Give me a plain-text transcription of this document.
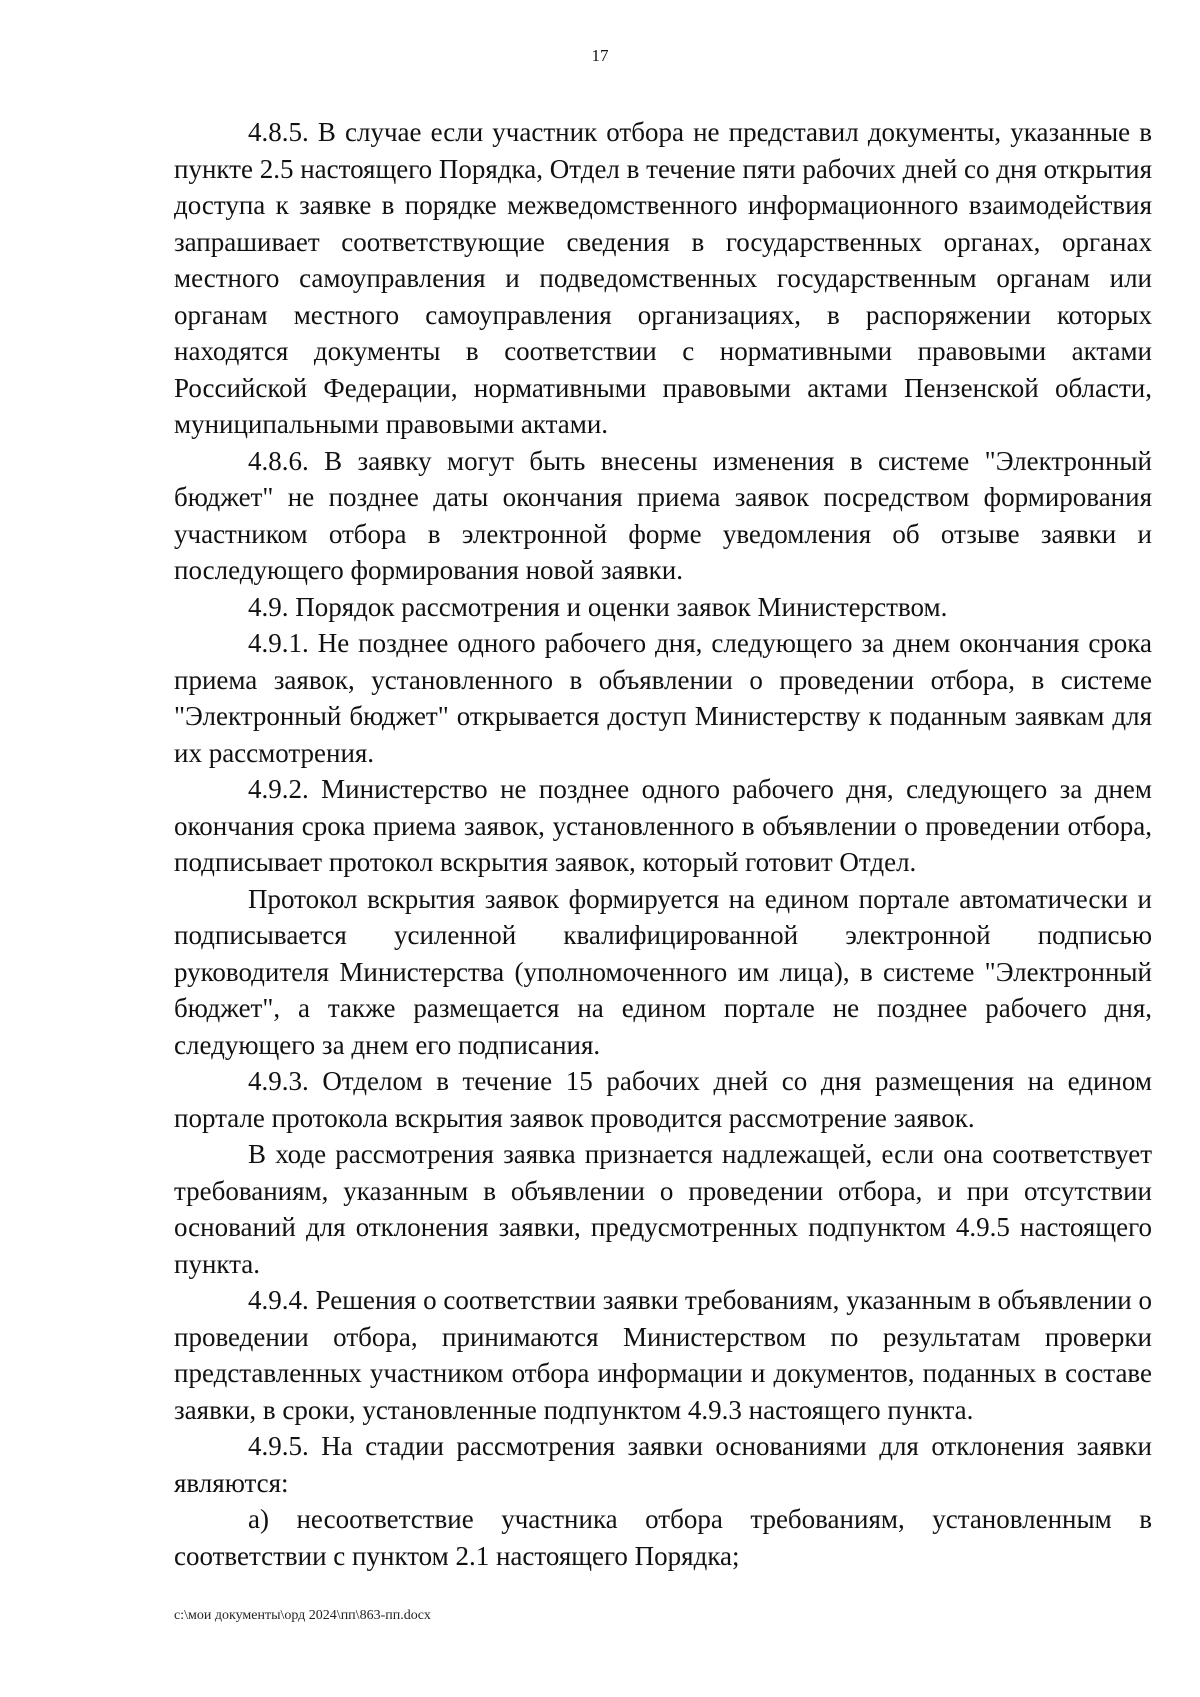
17

4.8.5. В случае если участник отбора не представил документы, указанные в пункте 2.5 настоящего Порядка, Отдел в течение пяти рабочих дней со дня открытия доступа к заявке в порядке межведомственного информационного взаимодействия запрашивает соответствующие сведения в государственных органах, органах местного самоуправления и подведомственных государственным органам или органам местного самоуправления организациях, в распоряжении которых находятся документы в соответствии с нормативными правовыми актами Российской Федерации, нормативными правовыми актами Пензенской области, муниципальными правовыми актами.

4.8.6. В заявку могут быть внесены изменения в системе "Электронный бюджет" не позднее даты окончания приема заявок посредством формирования участником отбора в электронной форме уведомления об отзыве заявки и последующего формирования новой заявки.

4.9. Порядок рассмотрения и оценки заявок Министерством.

4.9.1. Не позднее одного рабочего дня, следующего за днем окончания срока приема заявок, установленного в объявлении о проведении отбора, в системе "Электронный бюджет" открывается доступ Министерству к поданным заявкам для их рассмотрения.

4.9.2. Министерство не позднее одного рабочего дня, следующего за днем окончания срока приема заявок, установленного в объявлении о проведении отбора, подписывает протокол вскрытия заявок, который готовит Отдел.

Протокол вскрытия заявок формируется на едином портале автоматически и подписывается усиленной квалифицированной электронной подписью руководителя Министерства (уполномоченного им лица), в системе "Электронный бюджет", а также размещается на едином портале не позднее рабочего дня, следующего за днем его подписания.

4.9.3. Отделом в течение 15 рабочих дней со дня размещения на едином портале протокола вскрытия заявок проводится рассмотрение заявок.

В ходе рассмотрения заявка признается надлежащей, если она соответствует требованиям, указанным в объявлении о проведении отбора, и при отсутствии оснований для отклонения заявки, предусмотренных подпунктом 4.9.5 настоящего пункта.

4.9.4. Решения о соответствии заявки требованиям, указанным в объявлении о проведении отбора, принимаются Министерством по результатам проверки представленных участником отбора информации и документов, поданных в составе заявки, в сроки, установленные подпунктом 4.9.3 настоящего пункта.

4.9.5. На стадии рассмотрения заявки основаниями для отклонения заявки являются:

а) несоответствие участника отбора требованиям, установленным в соответствии с пунктом 2.1 настоящего Порядка;

c:\мои документы\орд 2024\пп\863-пп.docx
